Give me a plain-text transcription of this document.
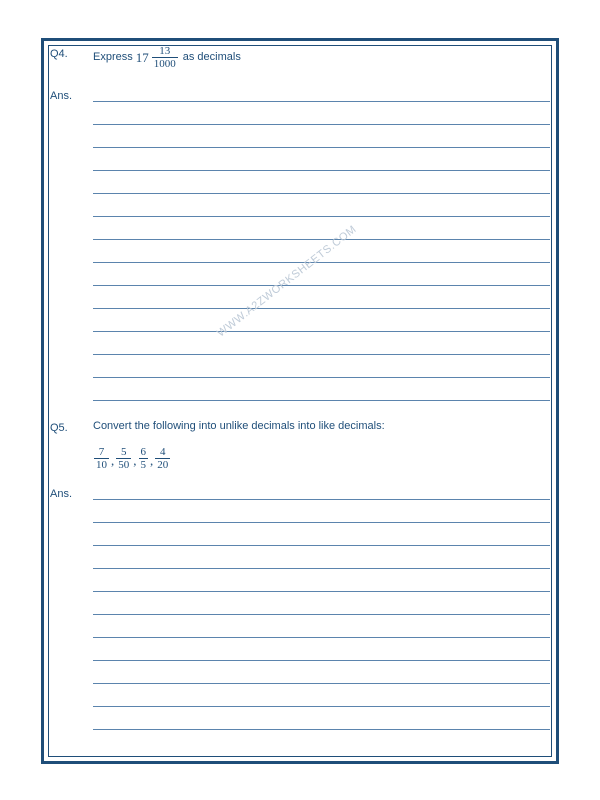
Q4.	Express $17 \frac{13}{1000}$ as decimals
Ans.
Q5.	Convert the following into unlike decimals into like decimals:
$\frac{7}{10}$ , $\frac{5}{50}$ , $\frac{6}{5}$ , $\frac{4}{20}$
Ans.
WWW.A2ZWORKSHEETS.COM
